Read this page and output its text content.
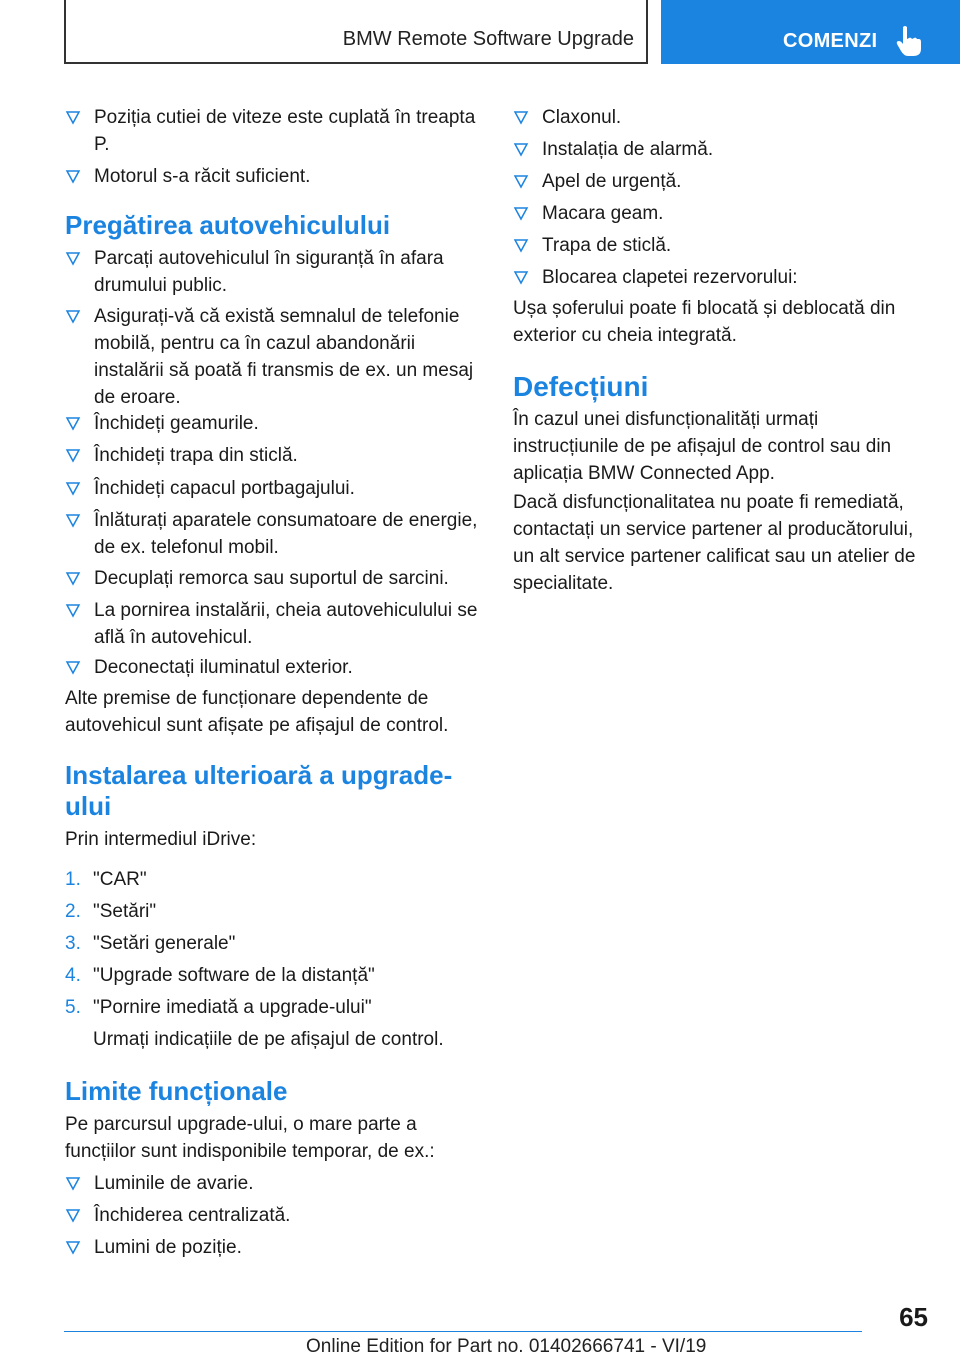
BMW Remote Software Upgrade	COMENZI
Poziția cutiei de viteze este cuplată în treapta P.
Motorul s-a răcit suficient.
Pregătirea autovehiculului
Parcați autovehiculul în siguranță în afara drumului public.
Asigurați-vă că există semnalul de telefonie mobilă, pentru ca în cazul abandonării instalării să poată fi transmis de ex. un mesaj de eroare.
Închideți geamurile.
Închideți trapa din sticlă.
Închideți capacul portbagajului.
Înlăturați aparatele consumatoare de energie, de ex. telefonul mobil.
Decuplați remorca sau suportul de sarcini.
La pornirea instalării, cheia autovehiculului se află în autovehicul.
Deconectați iluminatul exterior.
Alte premise de funcționare dependente de autovehicul sunt afișate pe afișajul de control.
Instalarea ulterioară a upgrade-ului
Prin intermediul iDrive:
1. "CAR"
2. "Setări"
3. "Setări generale"
4. "Upgrade software de la distanță"
5. "Pornire imediată a upgrade-ului"
Urmați indicațiile de pe afișajul de control.
Limite funcționale
Pe parcursul upgrade-ului, o mare parte a funcțiilor sunt indisponibile temporar, de ex.:
Luminile de avarie.
Închiderea centralizată.
Lumini de poziție.
Claxonul.
Instalația de alarmă.
Apel de urgență.
Macara geam.
Trapa de sticlă.
Blocarea clapetei rezervorului:
Ușa șoferului poate fi blocată și deblocată din exterior cu cheia integrată.
Defecțiuni
În cazul unei disfuncționalități urmați instrucțiunile de pe afișajul de control sau din aplicația BMW Connected App.
Dacă disfuncționalitatea nu poate fi remediată, contactați un service partener al producătorului, un alt service partener calificat sau un atelier de specialitate.
65
Online Edition for Part no. 01402666741 - VI/19
